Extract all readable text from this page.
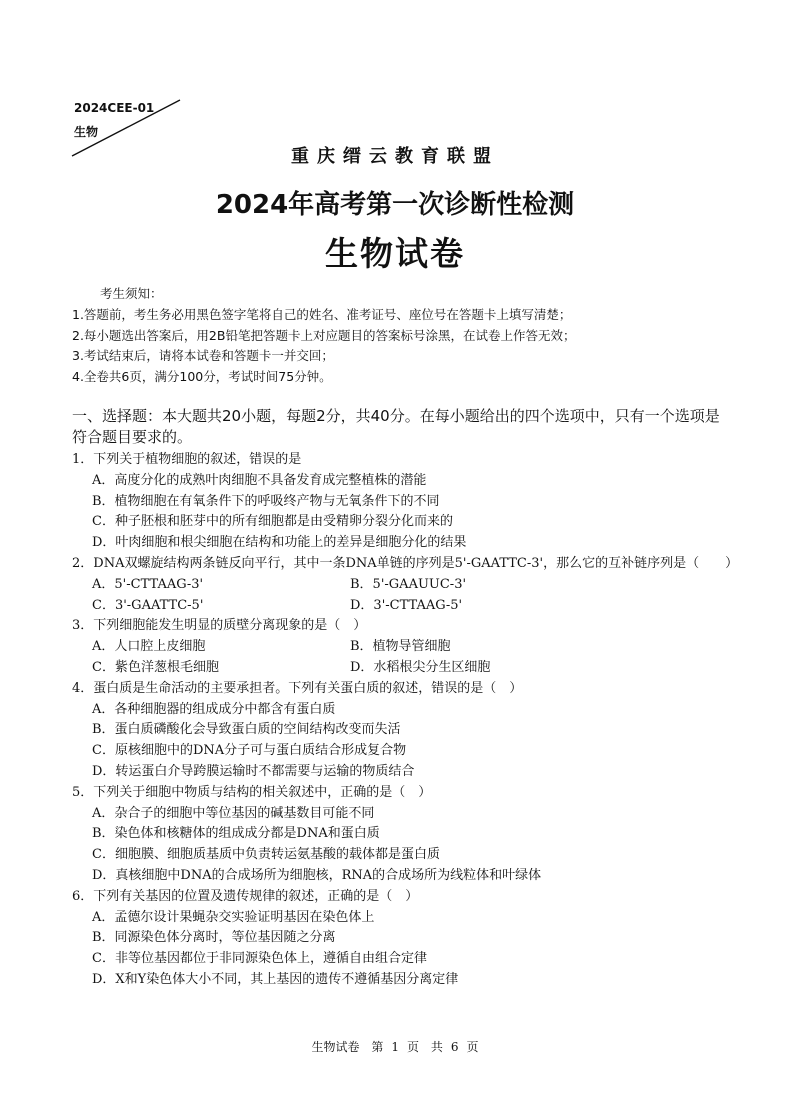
2024CEE-01
生物
重庆缙云教育联盟
2024年高考第一次诊断性检测
生物试卷
考生须知：
1.答题前，考生务必用黑色签字笔将自己的姓名、准考证号、座位号在答题卡上填写清楚；
2.每小题选出答案后，用2B铅笔把答题卡上对应题目的答案标号涂黑，在试卷上作答无效；
3.考试结束后，请将本试卷和答题卡一并交回；
4.全卷共6页，满分100分，考试时间75分钟。
一、选择题：本大题共20小题，每题2分，共40分。在每小题给出的四个选项中，只有一个选项是符合题目要求的。
1．下列关于植物细胞的叙述，错误的是
A．高度分化的成熟叶肉细胞不具备发育成完整植株的潜能
B．植物细胞在有氧条件下的呼吸终产物与无氧条件下的不同
C．种子胚根和胚芽中的所有细胞都是由受精卵分裂分化而来的
D．叶肉细胞和根尖细胞在结构和功能上的差异是细胞分化的结果
2．DNA双螺旋结构两条链反向平行，其中一条DNA单链的序列是5'-GAATTC-3'，那么它的互补链序列是（　　）
A．5'-CTTAAG-3'	B．5'-GAAUUC-3'
C．3'-GAATTC-5'	D．3'-CTTAAG-5'
3．下列细胞能发生明显的质壁分离现象的是（　）
A．人口腔上皮细胞	B．植物导管细胞
C．紫色洋葱根毛细胞	D．水稻根尖分生区细胞
4．蛋白质是生命活动的主要承担者。下列有关蛋白质的叙述，错误的是（　）
A．各种细胞器的组成成分中都含有蛋白质
B．蛋白质磷酸化会导致蛋白质的空间结构改变而失活
C．原核细胞中的DNA分子可与蛋白质结合形成复合物
D．转运蛋白介导跨膜运输时不都需要与运输的物质结合
5．下列关于细胞中物质与结构的相关叙述中，正确的是（　）
A．杂合子的细胞中等位基因的碱基数目可能不同
B．染色体和核糖体的组成成分都是DNA和蛋白质
C．细胞膜、细胞质基质中负责转运氨基酸的载体都是蛋白质
D．真核细胞中DNA的合成场所为细胞核，RNA的合成场所为线粒体和叶绿体
6．下列有关基因的位置及遗传规律的叙述，正确的是（　）
A．孟德尔设计果蝇杂交实验证明基因在染色体上
B．同源染色体分离时，等位基因随之分离
C．非等位基因都位于非同源染色体上，遵循自由组合定律
D．X和Y染色体大小不同，其上基因的遗传不遵循基因分离定律
生物试卷 第 1 页 共 6 页
